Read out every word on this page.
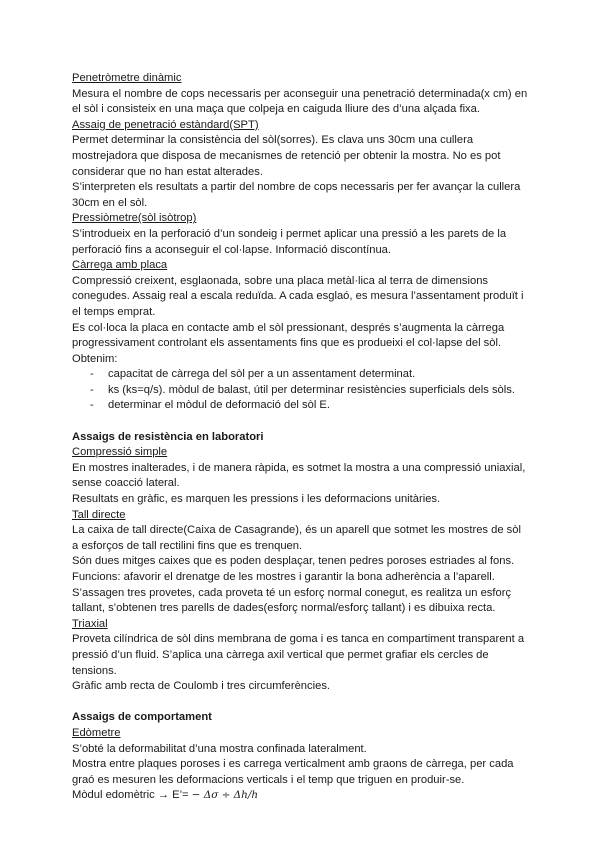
Penetròmetre dinàmic

Mesura el nombre de cops necessaris per aconseguir una penetració determinada(x cm) en el sòl i consisteix en una maça que colpeja en caiguda lliure des d’una alçada fixa.

Assaig de penetració estàndard(SPT)

Permet determinar la consistència del sòl(sorres). Es clava uns 30cm una cullera mostrejadora que disposa de mecanismes de retenció per obtenir la mostra. No es pot considerar que no han estat alterades.

S’interpreten els resultats a partir del nombre de cops necessaris per fer avançar la cullera 30cm en el sòl.

Pressiòmetre(sòl isòtrop)

S’introdueix en la perforació d’un sondeig i permet aplicar una pressió a les parets de la perforació fins a aconseguir el col·lapse. Informació discontínua.

Càrrega amb placa

Compressió creixent, esglaonada, sobre una placa metàl·lica al terra de dimensions conegudes. Assaig real a escala reduïda. A cada esglaó, es mesura l’assentament produït i el temps emprat.

Es col·loca la placa en contacte amb el sòl pressionant, després s’augmenta la càrrega progressivament controlant els assentaments fins que es produeixi el col·lapse del sòl.

Obtenim:

- capacitat de càrrega del sòl per a un assentament determinat.
- ks (ks=q/s). mòdul de balast, útil per determinar resistències superficials dels sòls.
- determinar el mòdul de deformació del sòl E.
Assaigs de resistència en laboratori
Compressió simple

En mostres inalterades, i de manera ràpida, es sotmet la mostra a una compressió uniaxial, sense coacció lateral.

Resultats en gràfic, es marquen les pressions i les deformacions unitàries.

Tall directe

La caixa de tall directe(Caixa de Casagrande), és un aparell que sotmet les mostres de sòl a esforços de tall rectilini fins que es trenquen.

Són dues mitges caixes que es poden desplaçar, tenen pedres poroses estriades al fons.

Funcions: afavorir el drenatge de les mostres i garantir la bona adherència a l’aparell.

S’assagen tres provetes, cada proveta té un esforç normal conegut, es realitza un esforç tallant, s’obtenen tres parells de dades(esforç normal/esforç tallant) i es dibuixa recta.

Triaxial

Proveta cilíndrica de sòl dins membrana de goma i es tanca en compartiment transparent a pressió d’un fluid. S’aplica una càrrega axil vertical que permet grafiar els cercles de tensions.

Gràfic amb recta de Coulomb i tres circumferències.

Assaigs de comportament
Edòmetre

S’obté la deformabilitat d’una mostra confinada lateralment.

Mostra entre plaques poroses i es carrega verticalment amb graons de càrrega, per cada graó es mesuren les deformacions verticals i el temp que triguen en produir-se.

Mòdul edomètric → E’= − Δσ ÷ Δh/h
